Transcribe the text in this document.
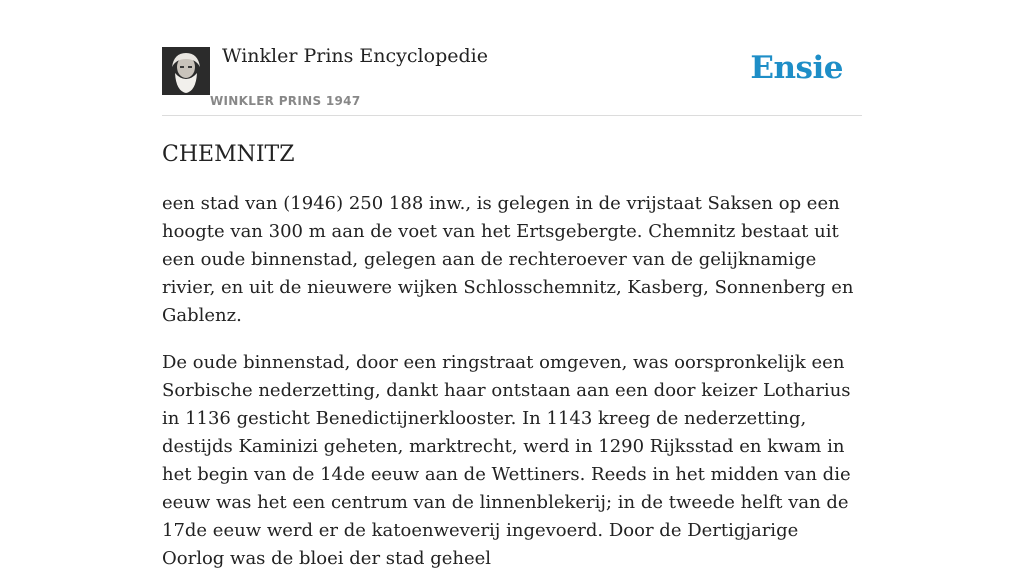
Winkler Prins Encyclopedie
WINKLER PRINS 1947
Ensie
CHEMNITZ

een stad van (1946) 250 188 inw., is gelegen in de vrijstaat Saksen op een hoogte van 300 m aan de voet van het Ertsgebergte. Chemnitz bestaat uit een oude binnenstad, gelegen aan de rechteroever van de gelijknamige rivier, en uit de nieuwere wijken Schlosschemnitz, Kasberg, Sonnenberg en Gablenz.

De oude binnenstad, door een ringstraat omgeven, was oorspronkelijk een Sorbische nederzetting, dankt haar ontstaan aan een door keizer Lotharius in 1136 gesticht Benedictijnerklooster. In 1143 kreeg de nederzetting, destijds Kaminizi geheten, marktrecht, werd in 1290 Rijksstad en kwam in het begin van de 14de eeuw aan de Wettiners. Reeds in het midden van die eeuw was het een centrum van de linnenblekerij; in de tweede helft van de 17de eeuw werd er de katoenweverij ingevoerd. Door de Dertigjarige Oorlog was de bloei der stad geheel
